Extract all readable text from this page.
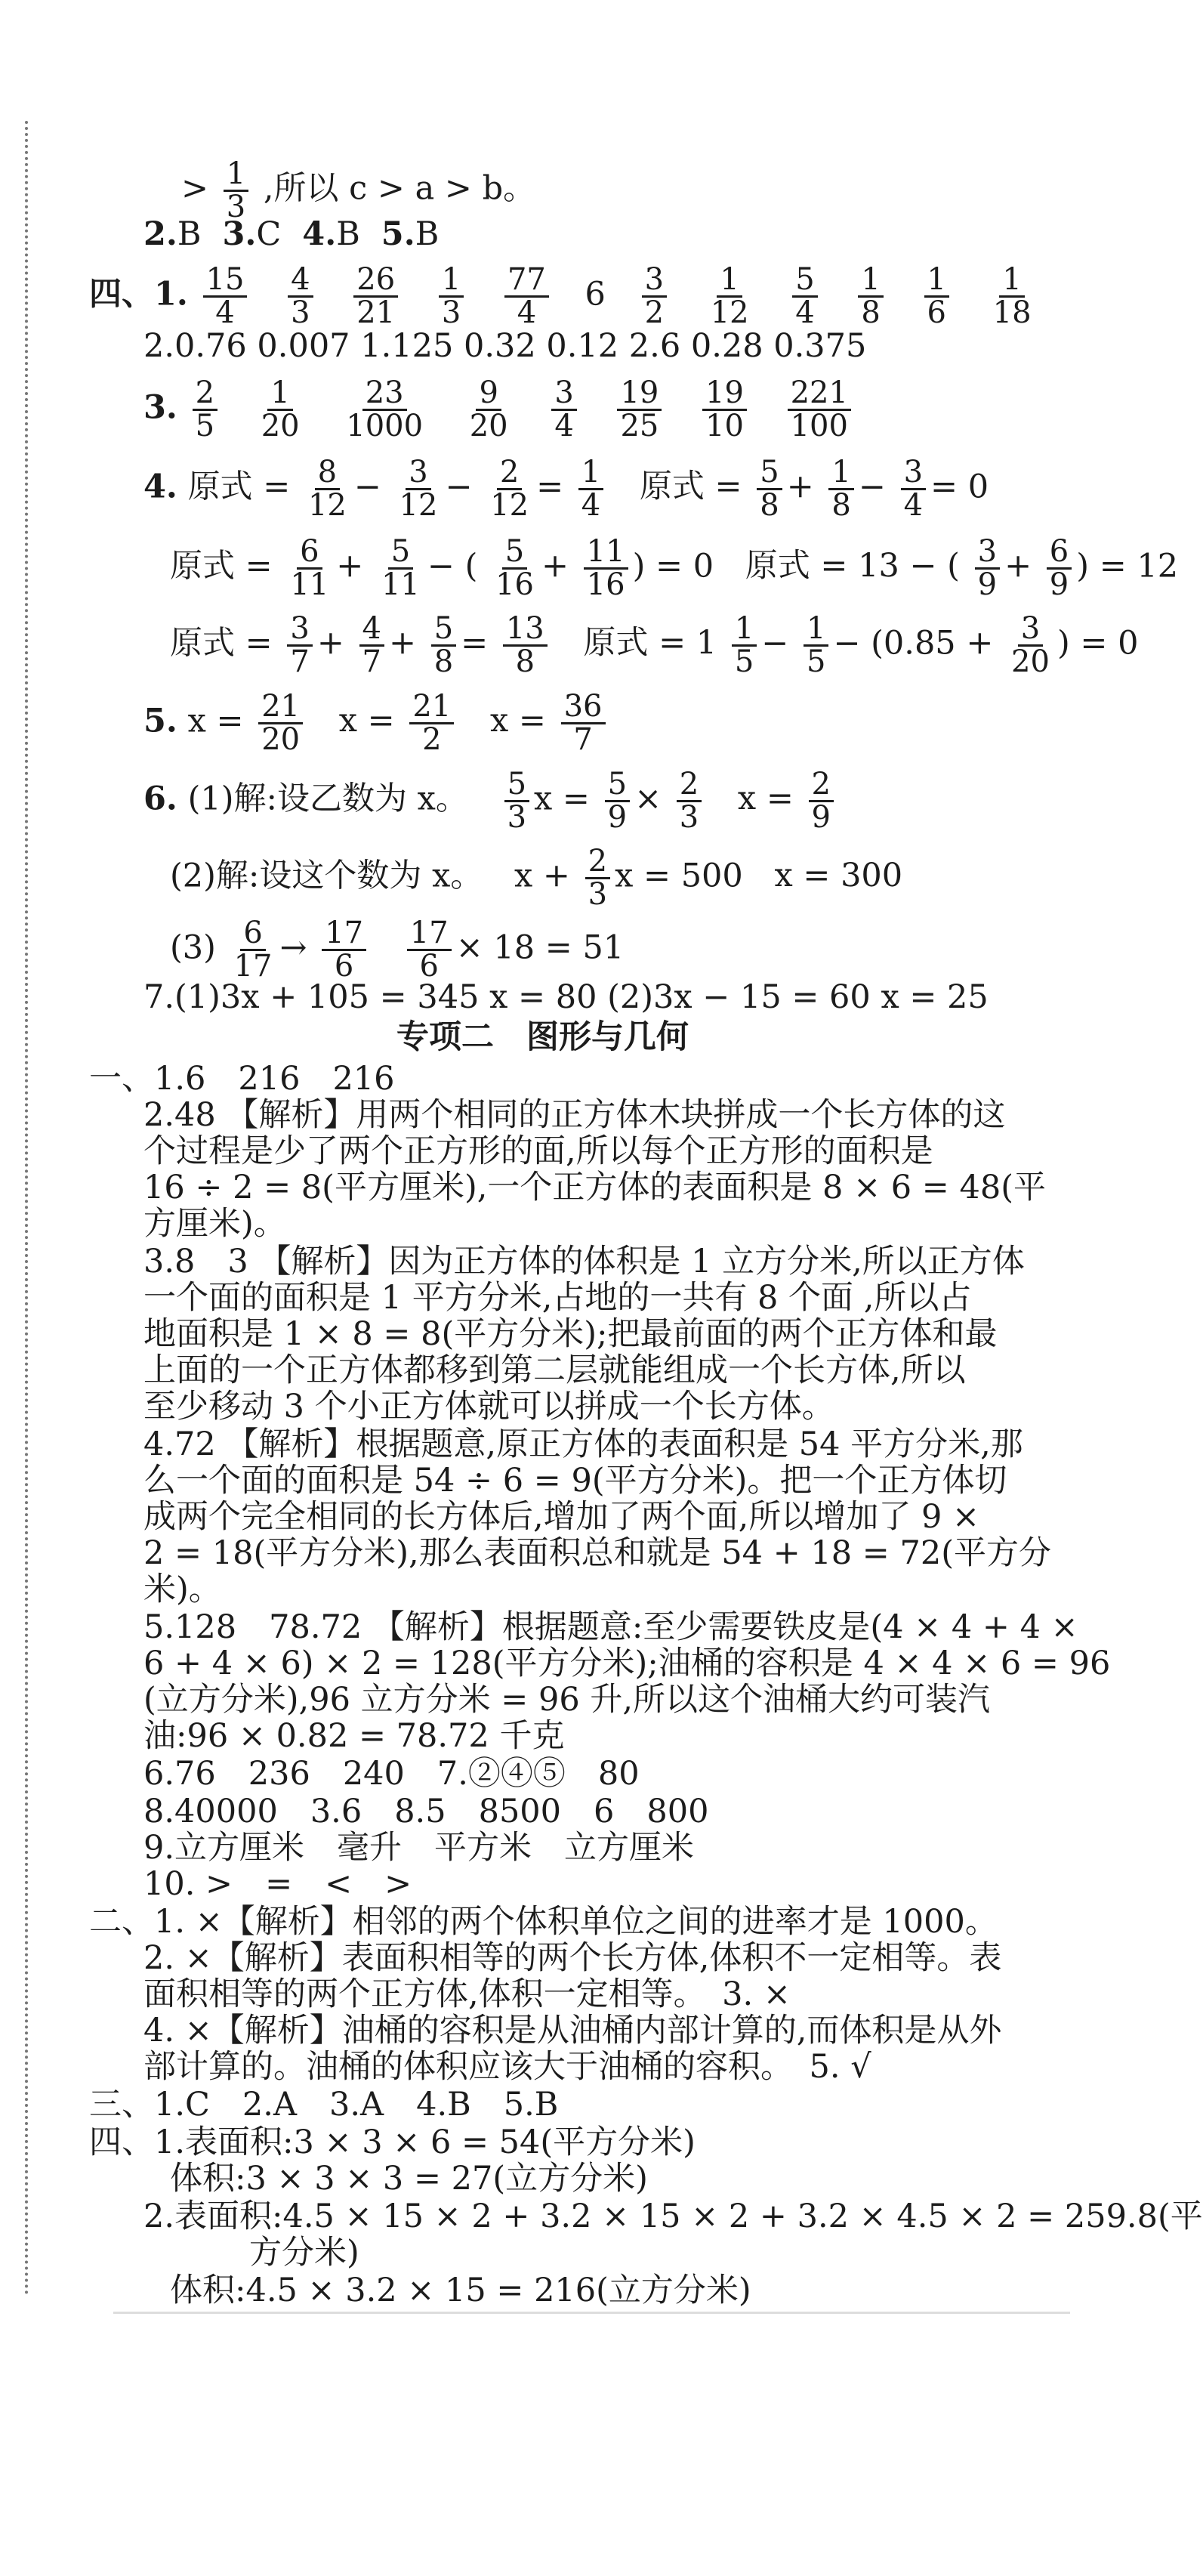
> $\frac{1}{3}$ ,所以 c > a > b。
2.B 3.C 4.B 5.B
四、1. $\frac{15}{4}$
$\frac{4}{3}$
$\frac{26}{21}$
$\frac{1}{3}$
$\frac{77}{4} 6 \frac{3}{2}$
$\frac{1}{12}$
$\frac{5}{4}$
$\frac{1}{8}$
$\frac{1}{6}$
$\frac{1}{18}$
2.0.76 0.007 1.125 0.32 0.12 2.6 0.28 0.375
3. $\frac{2}{5}$
$\frac{1}{20}$
$\frac{23}{1000}$
$\frac{9}{20}$
$\frac{3}{4}$
$\frac{19}{25}$
$\frac{19}{10}$
$\frac{221}{100}$
4. 原式 = $\frac{8}{12} - \frac{3}{12} - \frac{2}{12} = \frac{1}{4}$ 原式 = $\frac{5}{8} + \frac{1}{8} - \frac{3}{4} = 0$
原式 = $\frac{6}{11} + \frac{5}{11}$ − ( $\frac{5}{16} + \frac{11}{16}$ ) = 0 原式 = 13 − ( $\frac{3}{9} + \frac{6}{9}$ ) = 12
原式 = $\frac{3}{7} + \frac{4}{7} + \frac{5}{8} = \frac{13}{8}$ 原式 = $1 \frac{1}{5} - \frac{1}{5} - (0.85 + \frac{3}{20}$ ) = 0
5. $x = \frac{21}{20}$ $x = \frac{21}{2}$ $x = \frac{36}{7}$
6. (1)解:设乙数为 x。 $\frac{5}{3}$ $x = \frac{5}{9} \times \frac{2}{3}$ $x = \frac{2}{9}$
(2)解:设这个数为 x。 $x + \frac{2}{3}$ x = 500 x = 300
$(3) \frac{6}{17} \to \frac{17}{6}$
$\frac{17}{6} \times 18 = 51$
7.(1)3x + 105 = 345 x = 80 (2)3x − 15 = 60 x = 25
专项二　图形与几何
一、1.6　216　216
2.48 【解析】用两个相同的正方体木块拼成一个长方体的这
个过程是少了两个正方形的面,所以每个正方形的面积是
16 ÷ 2 = 8(平方厘米),一个正方体的表面积是 8 × 6 = 48(平
方厘米)。
3.8　3 【解析】因为正方体的体积是 1 立方分米,所以正方体
一个面的面积是 1 平方分米,占地的一共有 8 个面 ,所以占
地面积是 1 × 8 = 8(平方分米);把最前面的两个正方体和最
上面的一个正方体都移到第二层就能组成一个长方体,所以
至少移动 3 个小正方体就可以拼成一个长方体。
4.72 【解析】根据题意,原正方体的表面积是 54 平方分米,那
么一个面的面积是 54 ÷ 6 = 9(平方分米)。把一个正方体切
成两个完全相同的长方体后,增加了两个面,所以增加了 9 ×
2 = 18(平方分米),那么表面积总和就是 54 + 18 = 72(平方分
米)。
5.128　78.72 【解析】根据题意:至少需要铁皮是(4 × 4 + 4 ×
6 + 4 × 6) × 2 = 128(平方分米);油桶的容积是 4 × 4 × 6 = 96
(立方分米),96 立方分米 = 96 升,所以这个油桶大约可装汽
油:96 × 0.82 = 78.72 千克
6.76　236　240　7.②④⑤　80
8.40000　3.6　8.5　8500　6　800
9.立方厘米　毫升　平方米　立方厘米
10. >　=　<　>
二、1. ×【解析】相邻的两个体积单位之间的进率才是 1000。
2. ×【解析】表面积相等的两个长方体,体积不一定相等。表
面积相等的两个正方体,体积一定相等。　3. ×
4. ×【解析】油桶的容积是从油桶内部计算的,而体积是从外
部计算的。油桶的体积应该大于油桶的容积。　5. √
三、1.C　2.A　3.A　4.B　5.B
四、1.表面积:3 × 3 × 6 = 54(平方分米)
体积:3 × 3 × 3 = 27(立方分米)
2.表面积:4.5 × 15 × 2 + 3.2 × 15 × 2 + 3.2 × 4.5 × 2 = 259.8(平
方分米)
体积:4.5 × 3.2 × 15 = 216(立方分米)
